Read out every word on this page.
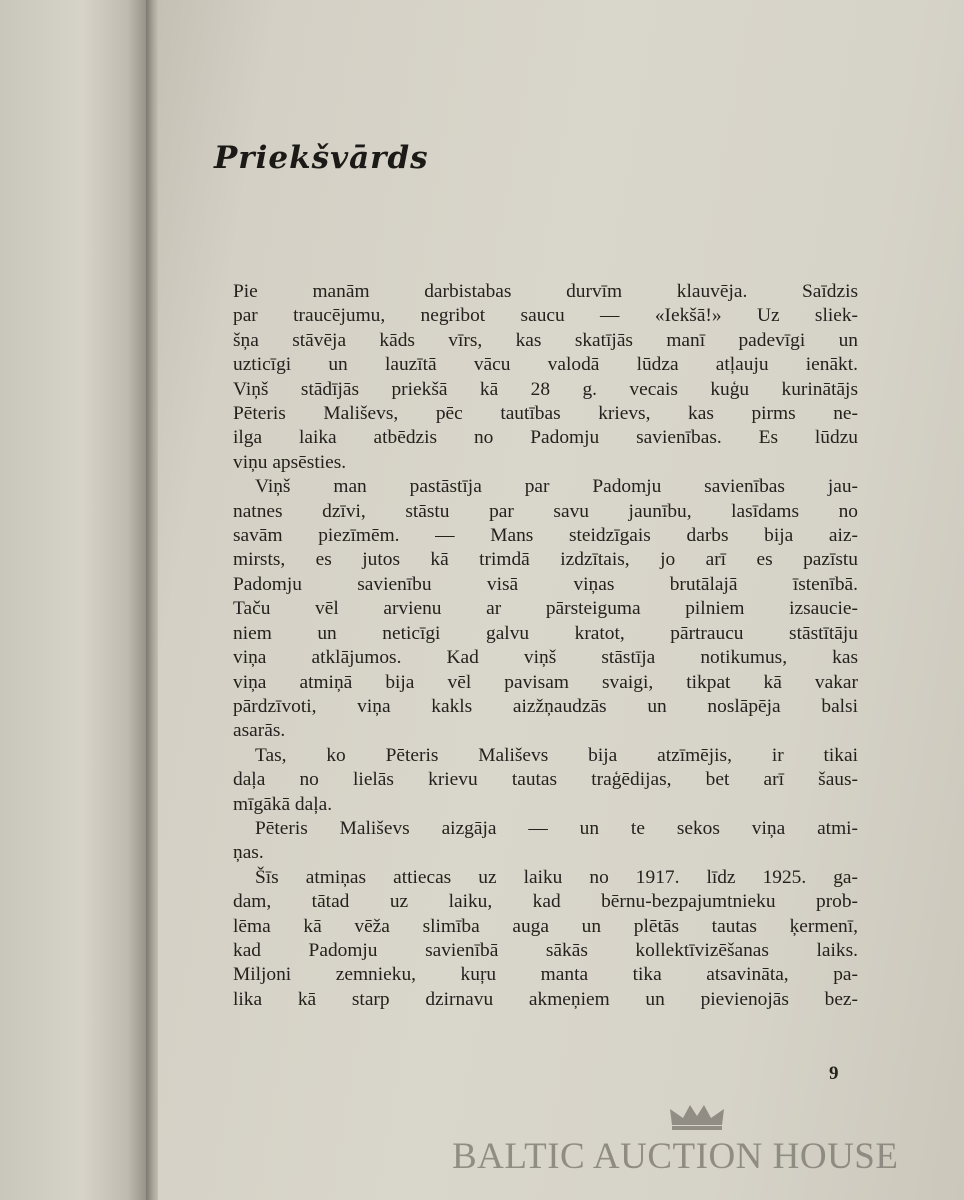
Priekšvārds
Pie manām darbistabas durvīm klauvēja. Saīdzis
par traucējumu, negribot saucu — «Iekšā!» Uz sliek-
šņa stāvēja kāds vīrs, kas skatījās manī padevīgi un
uzticīgi un lauzītā vācu valodā lūdza atļauju ienākt.
Viņš stādījās priekšā kā 28 g. vecais kuģu kurinātājs
Pēteris Mališevs, pēc tautības krievs, kas pirms ne-
ilga laika atbēdzis no Padomju savienības. Es lūdzu
viņu apsēsties.
Viņš man pastāstīja par Padomju savienības jau-
natnes dzīvi, stāstu par savu jaunību, lasīdams no
savām piezīmēm. — Mans steidzīgais darbs bija aiz-
mirsts, es jutos kā trimdā izdzītais, jo arī es pazīstu
Padomju savienību visā viņas brutālajā īstenībā.
Taču vēl arvienu ar pārsteiguma pilniem izsaucie-
niem un neticīgi galvu kratot, pārtraucu stāstītāju
viņa atklājumos. Kad viņš stāstīja notikumus, kas
viņa atmiņā bija vēl pavisam svaigi, tikpat kā vakar
pārdzīvoti, viņa kakls aizžņaudzās un noslāpēja balsi
asarās.
Tas, ko Pēteris Mališevs bija atzīmējis, ir tikai
daļa no lielās krievu tautas traģēdijas, bet arī šaus-
mīgākā daļa.
Pēteris Mališevs aizgāja — un te sekos viņa atmi-
ņas.
Šīs atmiņas attiecas uz laiku no 1917. līdz 1925. ga-
dam, tātad uz laiku, kad bērnu-bezpajumtnieku prob-
lēma kā vēža slimība auga un plētās tautas ķermenī,
kad Padomju savienībā sākās kollektīvizēšanas laiks.
Miljoni zemnieku, kuŗu manta tika atsavināta, pa-
lika kā starp dzirnavu akmeņiem un pievienojās bez-
9
BALTIC AUCTION HOUSE
